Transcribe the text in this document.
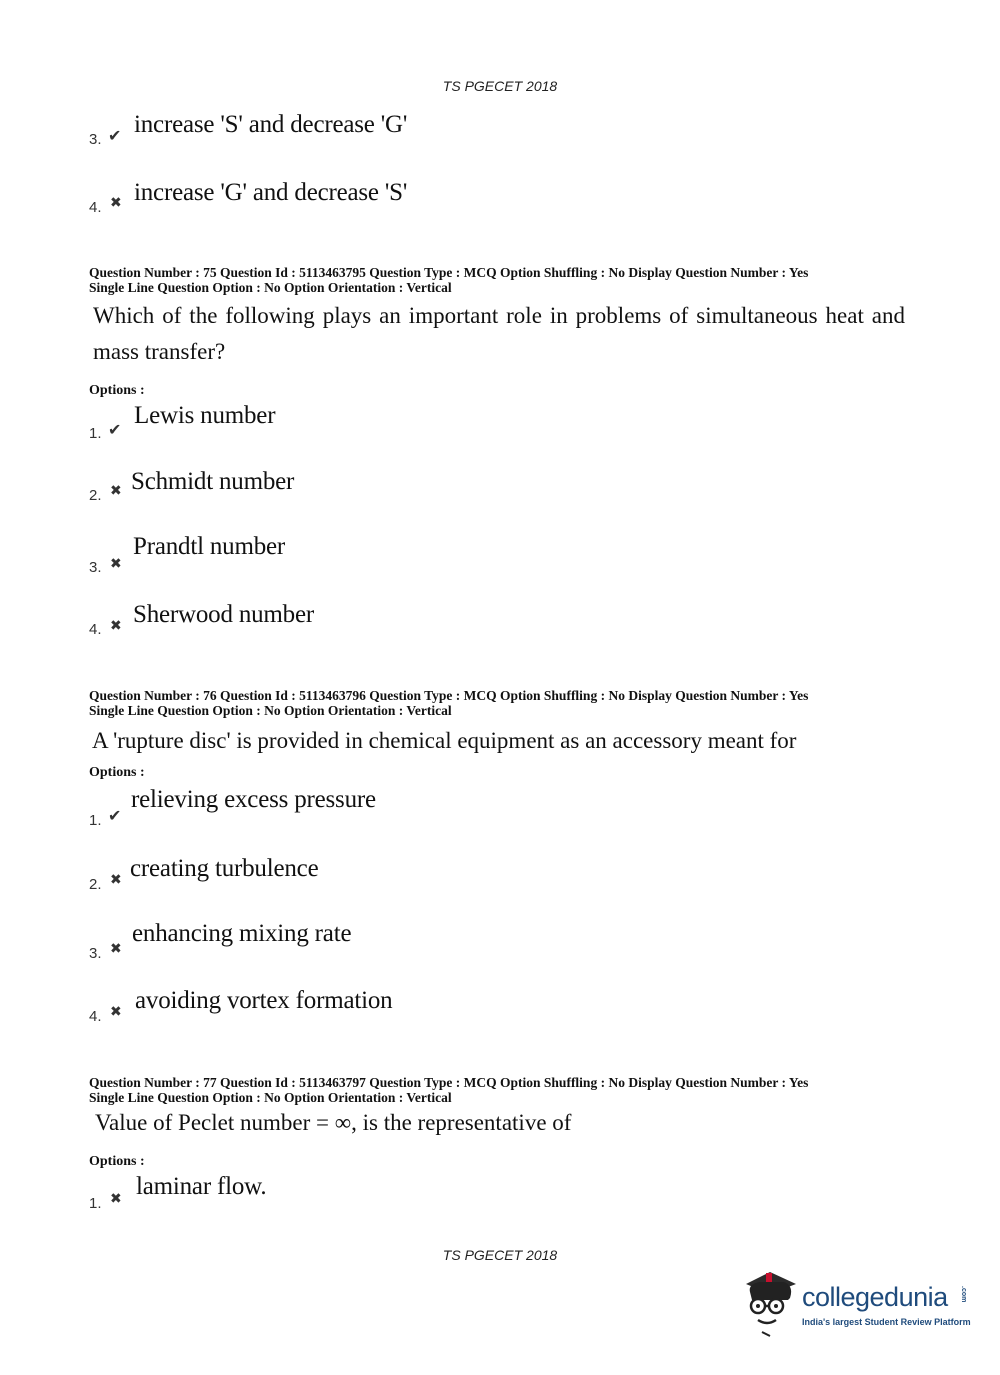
TS PGECET 2018
3. ✔ increase 'S' and decrease 'G'
4. ✖ increase 'G' and decrease 'S'
Question Number : 75 Question Id : 5113463795 Question Type : MCQ Option Shuffling : No Display Question Number : Yes
Single Line Question Option : No Option Orientation : Vertical
Which of the following plays an important role in problems of simultaneous heat and mass transfer?
Options :
1. ✔
Lewis number
2. ✖ Schmidt number
3. ✖
Prandtl number
4. ✖ Sherwood number
Question Number : 76 Question Id : 5113463796 Question Type : MCQ Option Shuffling : No Display Question Number : Yes
Single Line Question Option : No Option Orientation : Vertical
A 'rupture disc' is provided in chemical equipment as an accessory meant for
Options :
1. ✔
relieving excess pressure
2. ✖ creating turbulence
3. ✖
enhancing mixing rate
4. ✖ avoiding vortex formation
Question Number : 77 Question Id : 5113463797 Question Type : MCQ Option Shuffling : No Display Question Number : Yes
Single Line Question Option : No Option Orientation : Vertical
Value of Peclet number = ∞, is the representative of
Options :
1. ✖ laminar flow.
TS PGECET 2018
collegedunia .com
India's largest Student Review Platform
